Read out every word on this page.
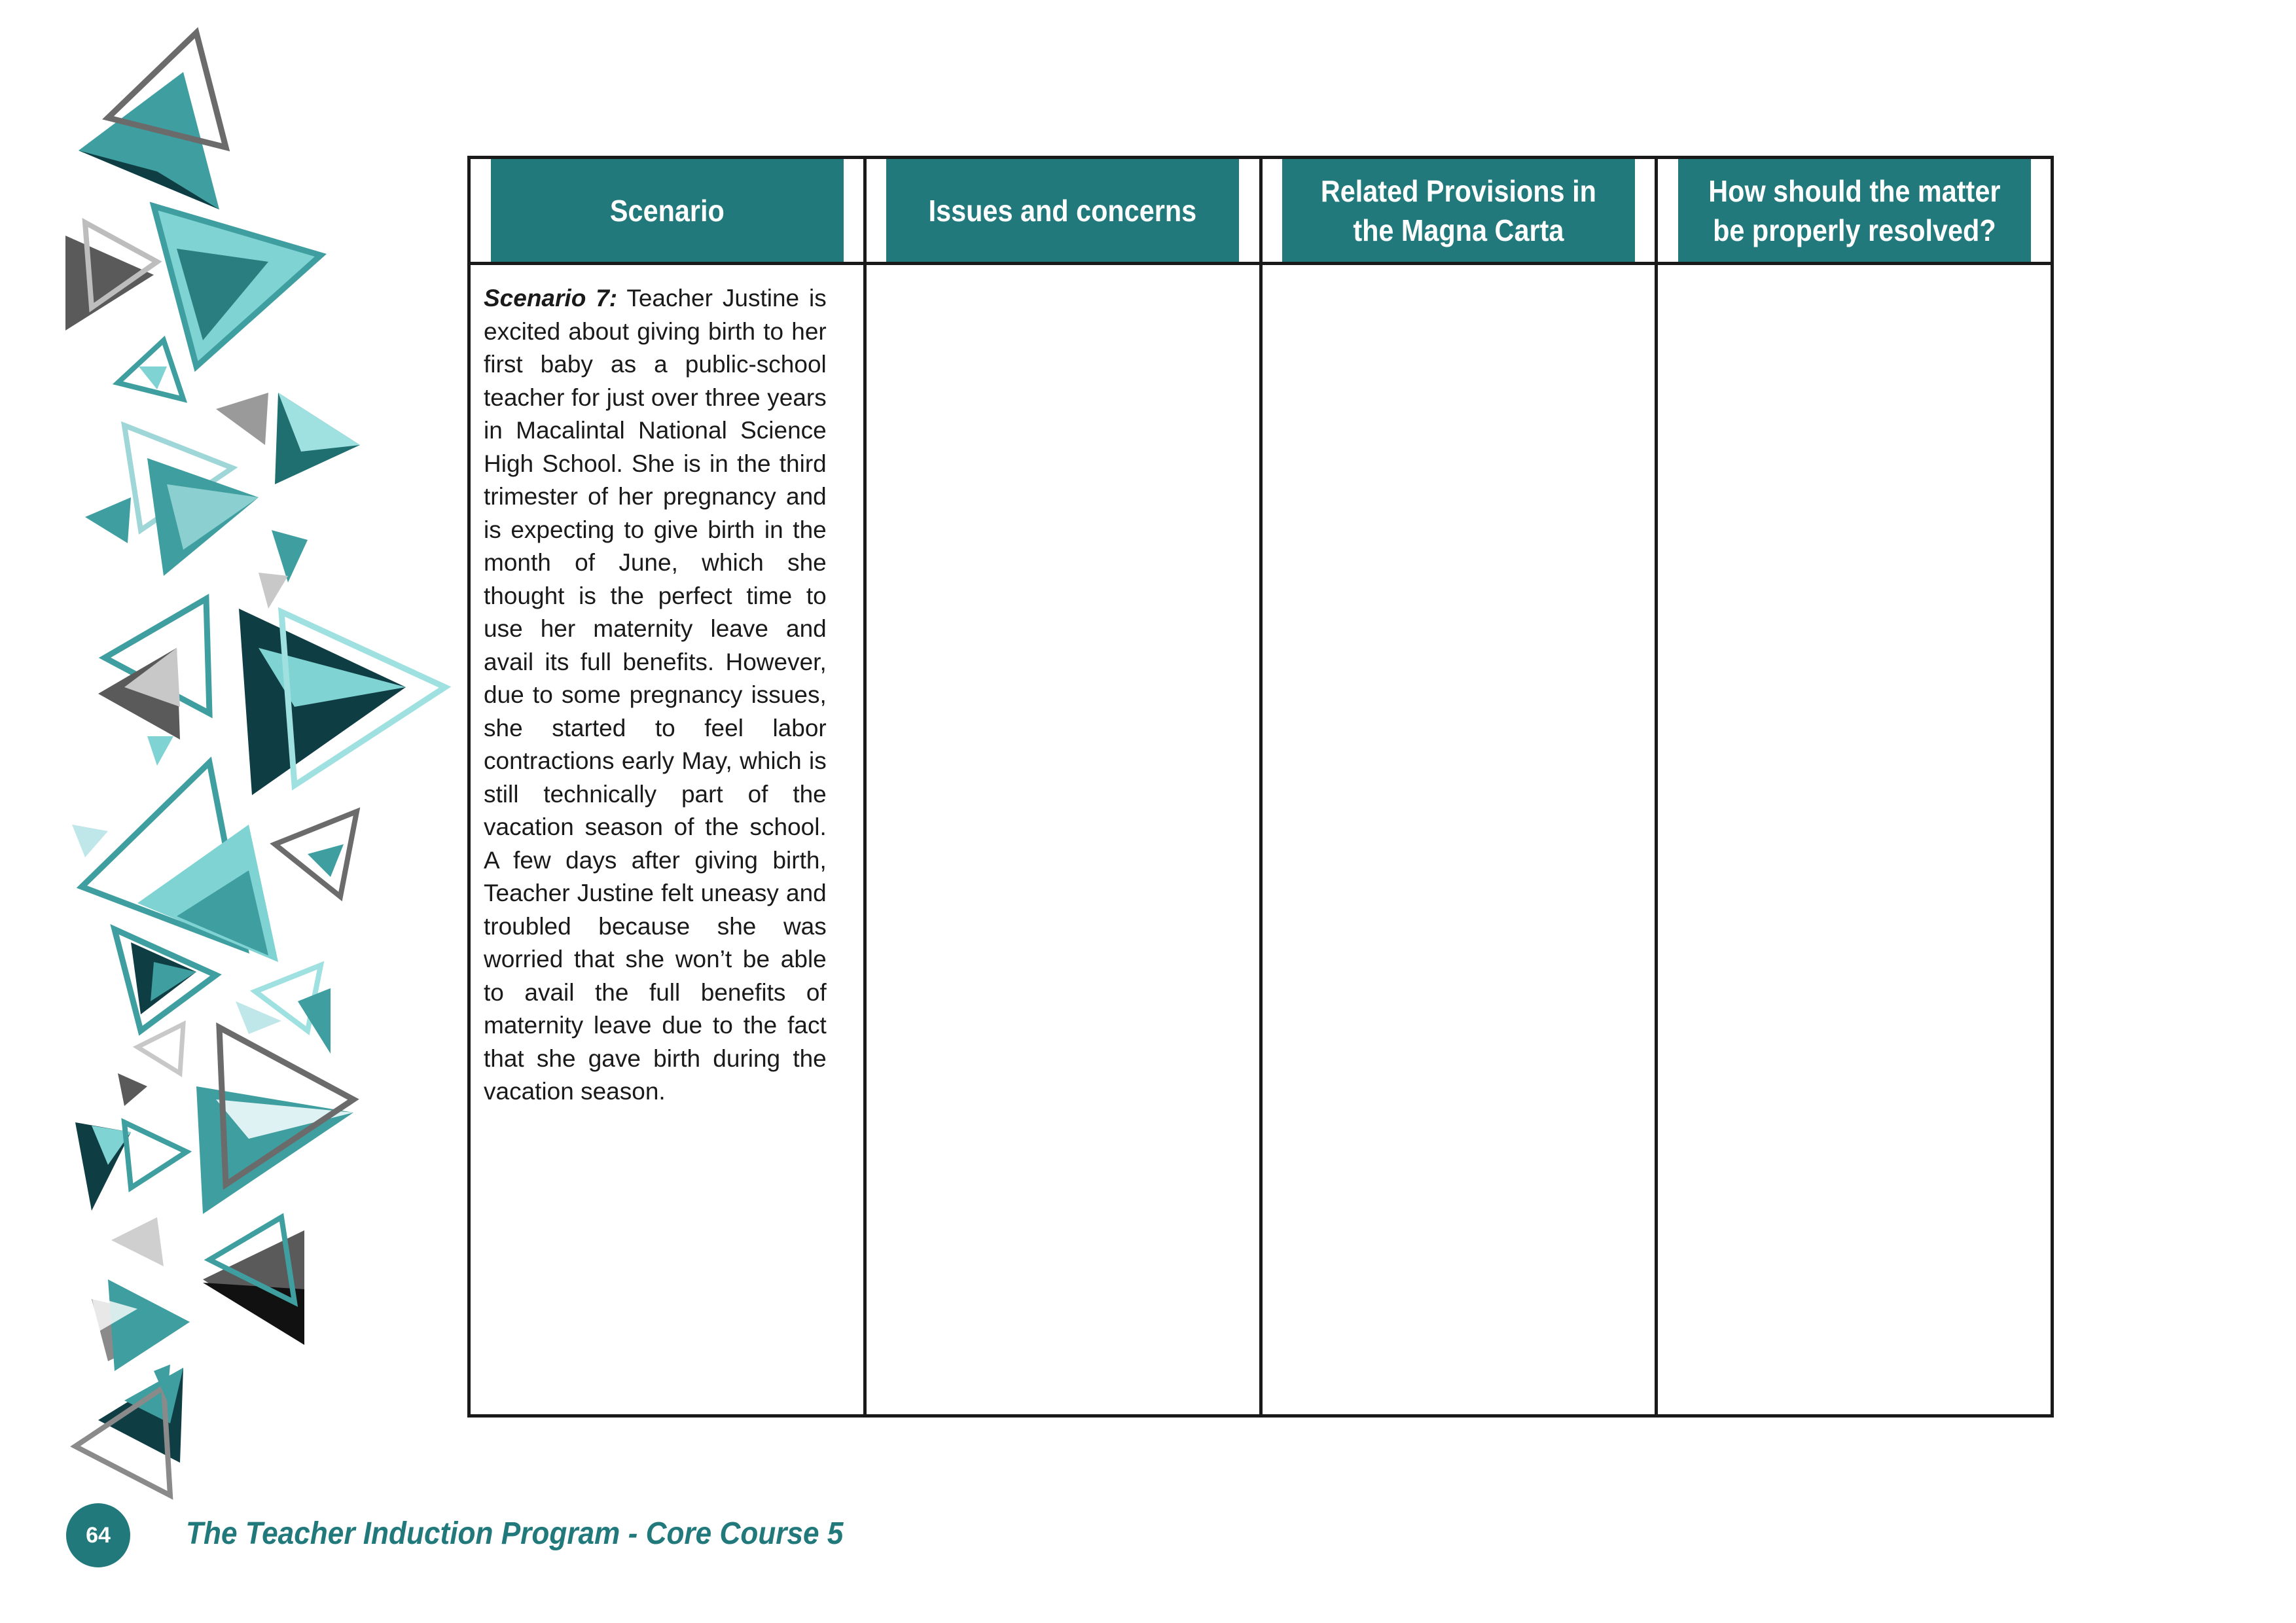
Scenario	Issues and concerns	Related Provisions in the Magna Carta	How should the matter be properly resolved?

Scenario 7: Teacher Justine is excited about giving birth to her first baby as a public-school teacher for just over three years in Macalintal National Science High School. She is in the third trimester of her pregnancy and is expecting to give birth in the month of June, which she thought is the perfect time to use her maternity leave and avail its full benefits. However, due to some pregnancy issues, she started to feel labor contractions early May, which is still technically part of the vacation season of the school. A few days after giving birth, Teacher Justine felt uneasy and troubled because she was worried that she won’t be able to avail the full benefits of maternity leave due to the fact that she gave birth during the vacation season.			

64	The Teacher Induction Program - Core Course 5
